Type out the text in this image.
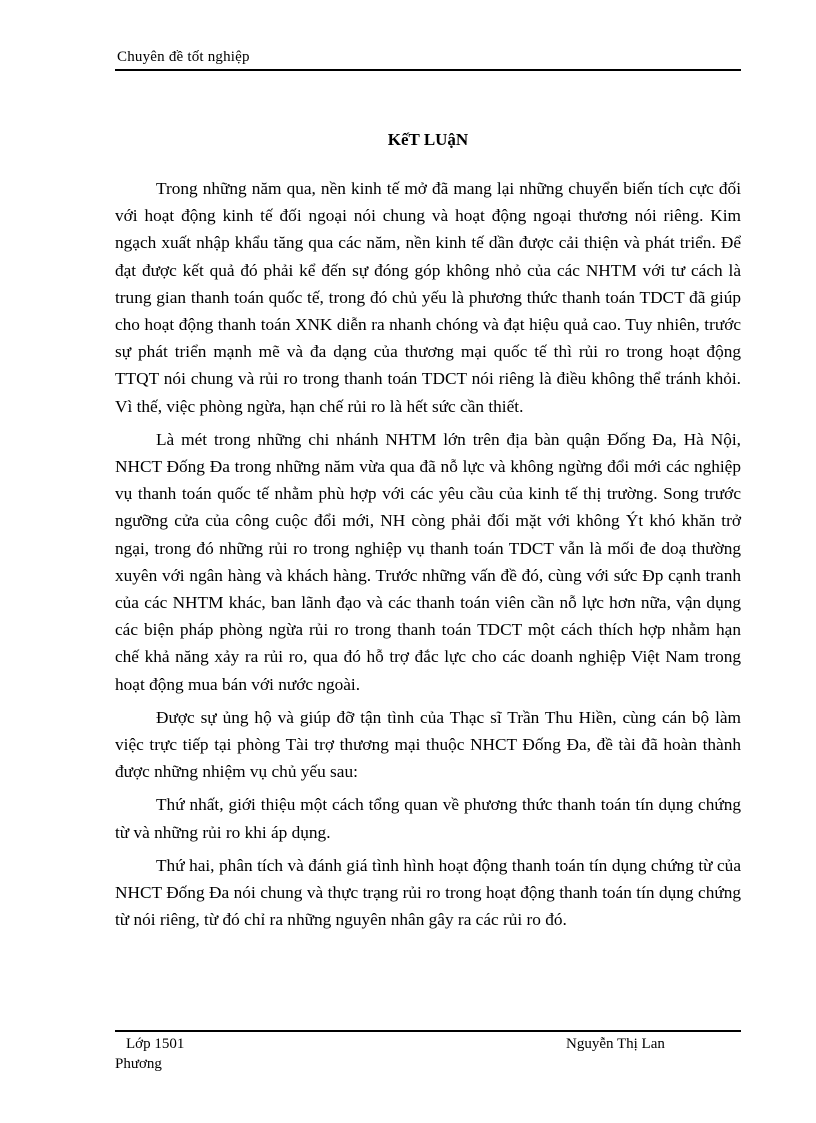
Chuyên đề tốt nghiệp
KếT LUậN

Trong những năm qua, nền kinh tế mở đã mang lại những chuyển biến tích cực đối với hoạt động kinh tế đối ngoại nói chung và hoạt động ngoại thương nói riêng. Kim ngạch xuất nhập khẩu tăng qua các năm, nền kinh tế dần được cải thiện và phát triển. Để đạt được kết quả đó phải kể đến sự đóng góp không nhỏ của các NHTM với tư cách là trung gian thanh toán quốc tế, trong đó chủ yếu là phương thức thanh toán TDCT đã giúp cho hoạt động thanh toán XNK diễn ra nhanh chóng và đạt hiệu quả cao. Tuy nhiên, trước sự phát triển mạnh mẽ và đa dạng của thương mại quốc tế thì rủi ro trong hoạt động TTQT nói chung và rủi ro trong thanh toán TDCT nói riêng là điều không thể tránh khỏi. Vì thế, việc phòng ngừa, hạn chế rủi ro là hết sức cần thiết.

Là mét trong những chi nhánh NHTM lớn trên địa bàn quận Đống Đa, Hà Nội, NHCT Đống Đa trong những năm vừa qua đã nỗ lực và không ngừng đổi mới các nghiệp vụ thanh toán quốc tế nhằm phù hợp với các yêu cầu của kinh tế thị trường. Song trước ngưỡng cửa của công cuộc đổi mới, NH còng phải đối mặt với không Ýt khó khăn trở ngại, trong đó những rủi ro trong nghiệp vụ thanh toán TDCT vẫn là mối đe doạ thường xuyên với ngân hàng và khách hàng. Trước những vấn đề đó, cùng với sức Ðp cạnh tranh của các NHTM khác, ban lãnh đạo và các thanh toán viên cần nỗ lực hơn nữa, vận dụng các biện pháp phòng ngừa rủi ro trong thanh toán TDCT một cách thích hợp nhằm hạn chế khả năng xảy ra rủi ro, qua đó hỗ trợ đắc lực cho các doanh nghiệp Việt Nam trong hoạt động mua bán với nước ngoài.

Được sự ủng hộ và giúp đỡ tận tình của Thạc sĩ Trần Thu Hiền, cùng cán bộ làm việc trực tiếp tại phòng Tài trợ thương mại thuộc NHCT Đống Đa, đề tài đã hoàn thành được những nhiệm vụ chủ yếu sau:

Thứ nhất, giới thiệu một cách tổng quan về phương thức thanh toán tín dụng chứng từ và những rủi ro khi áp dụng.

Thứ hai, phân tích và đánh giá tình hình hoạt động thanh toán tín dụng chứng từ của NHCT Đống Đa nói chung và thực trạng rủi ro trong hoạt động thanh toán tín dụng chứng từ nói riêng, từ đó chỉ ra những nguyên nhân gây ra các rủi ro đó.

Lớp 1501	Nguyễn Thị Lan
Phương
